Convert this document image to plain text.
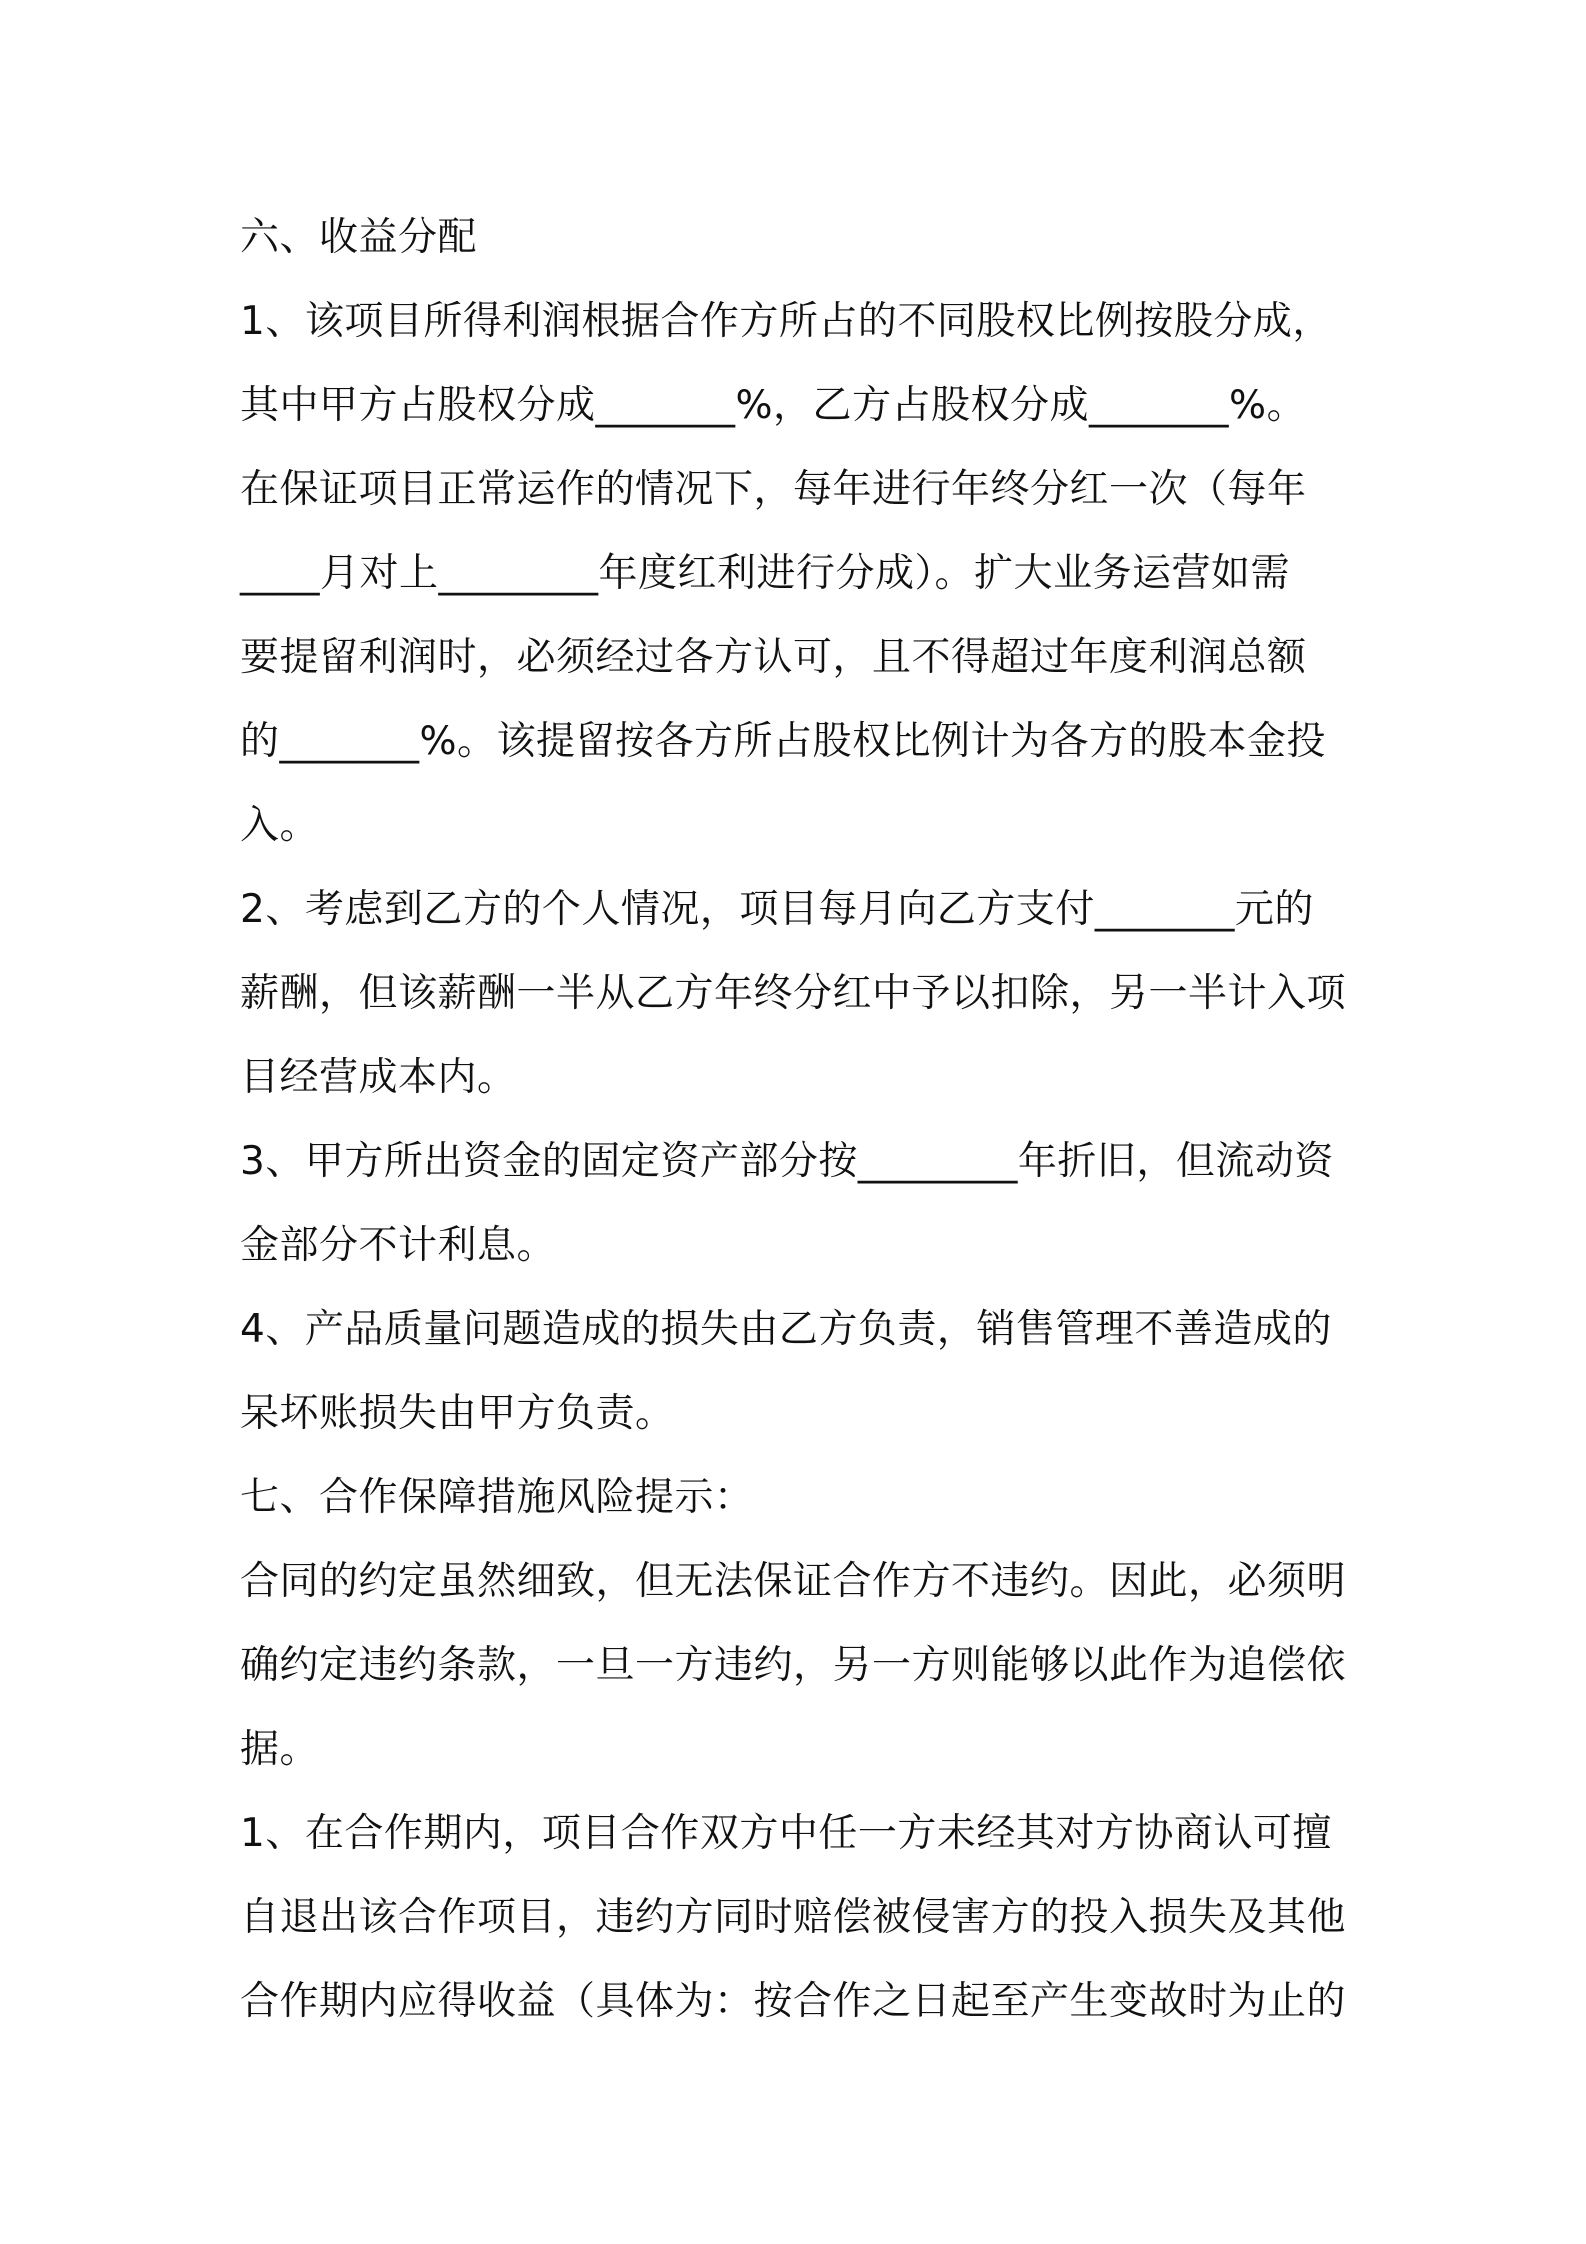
六、收益分配
1、该项目所得利润根据合作方所占的不同股权比例按股分成，
其中甲方占股权分成_______%，乙方占股权分成_______%。
在保证项目正常运作的情况下，每年进行年终分红一次（每年
____月对上________年度红利进行分成）。扩大业务运营如需
要提留利润时，必须经过各方认可，且不得超过年度利润总额
的_______%。该提留按各方所占股权比例计为各方的股本金投
入。
2、考虑到乙方的个人情况，项目每月向乙方支付_______元的
薪酬，但该薪酬一半从乙方年终分红中予以扣除，另一半计入项
目经营成本内。
3、甲方所出资金的固定资产部分按________年折旧，但流动资
金部分不计利息。
4、产品质量问题造成的损失由乙方负责，销售管理不善造成的
呆坏账损失由甲方负责。
七、合作保障措施风险提示：
合同的约定虽然细致，但无法保证合作方不违约。因此，必须明
确约定违约条款，一旦一方违约，另一方则能够以此作为追偿依
据。
1、在合作期内，项目合作双方中任一方未经其对方协商认可擅
自退出该合作项目，违约方同时赔偿被侵害方的投入损失及其他
合作期内应得收益（具体为：按合作之日起至产生变故时为止的
